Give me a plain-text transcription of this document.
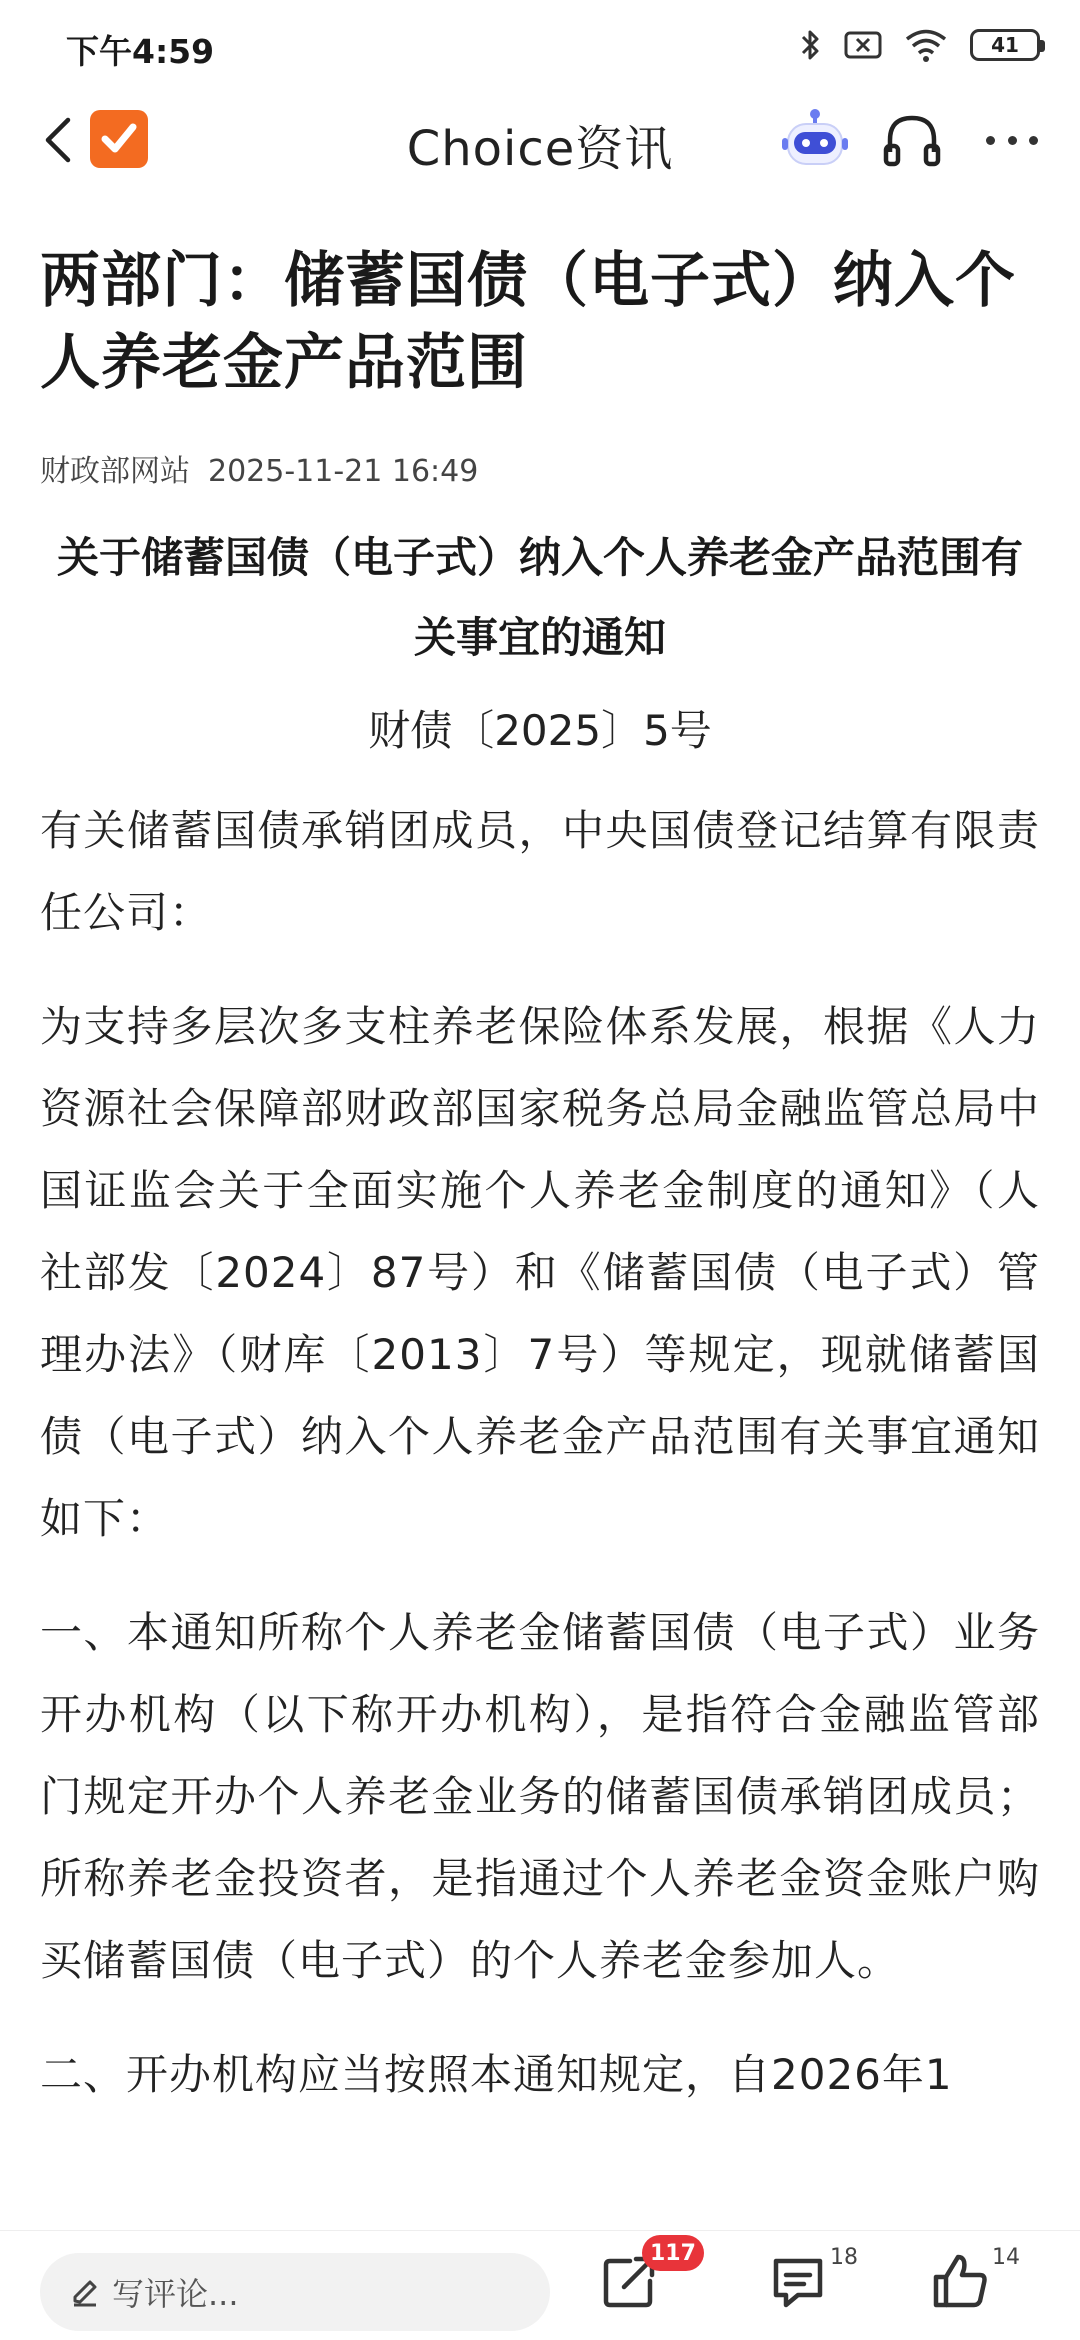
下午4:59	41
Choice资讯
两部门：储蓄国债（电子式）纳入个人养老金产品范围
财政部网站 2025-11-21 16:49
关于储蓄国债（电子式）纳入个人养老金产品范围有关事宜的通知
财债〔2025〕5号
有关储蓄国债承销团成员，中央国债登记结算有限责任公司：
为支持多层次多支柱养老保险体系发展，根据《人力资源社会保障部财政部国家税务总局金融监管总局中国证监会关于全面实施个人养老金制度的通知》（人社部发〔2024〕87号）和《储蓄国债（电子式）管理办法》（财库〔2013〕7号）等规定，现就储蓄国债（电子式）纳入个人养老金产品范围有关事宜通知如下：
一、本通知所称个人养老金储蓄国债（电子式）业务开办机构（以下称开办机构），是指符合金融监管部门规定开办个人养老金业务的储蓄国债承销团成员；所称养老金投资者，是指通过个人养老金资金账户购买储蓄国债（电子式）的个人养老金参加人。
二、开办机构应当按照本通知规定，自2026年1
写评论...
117	18	14
